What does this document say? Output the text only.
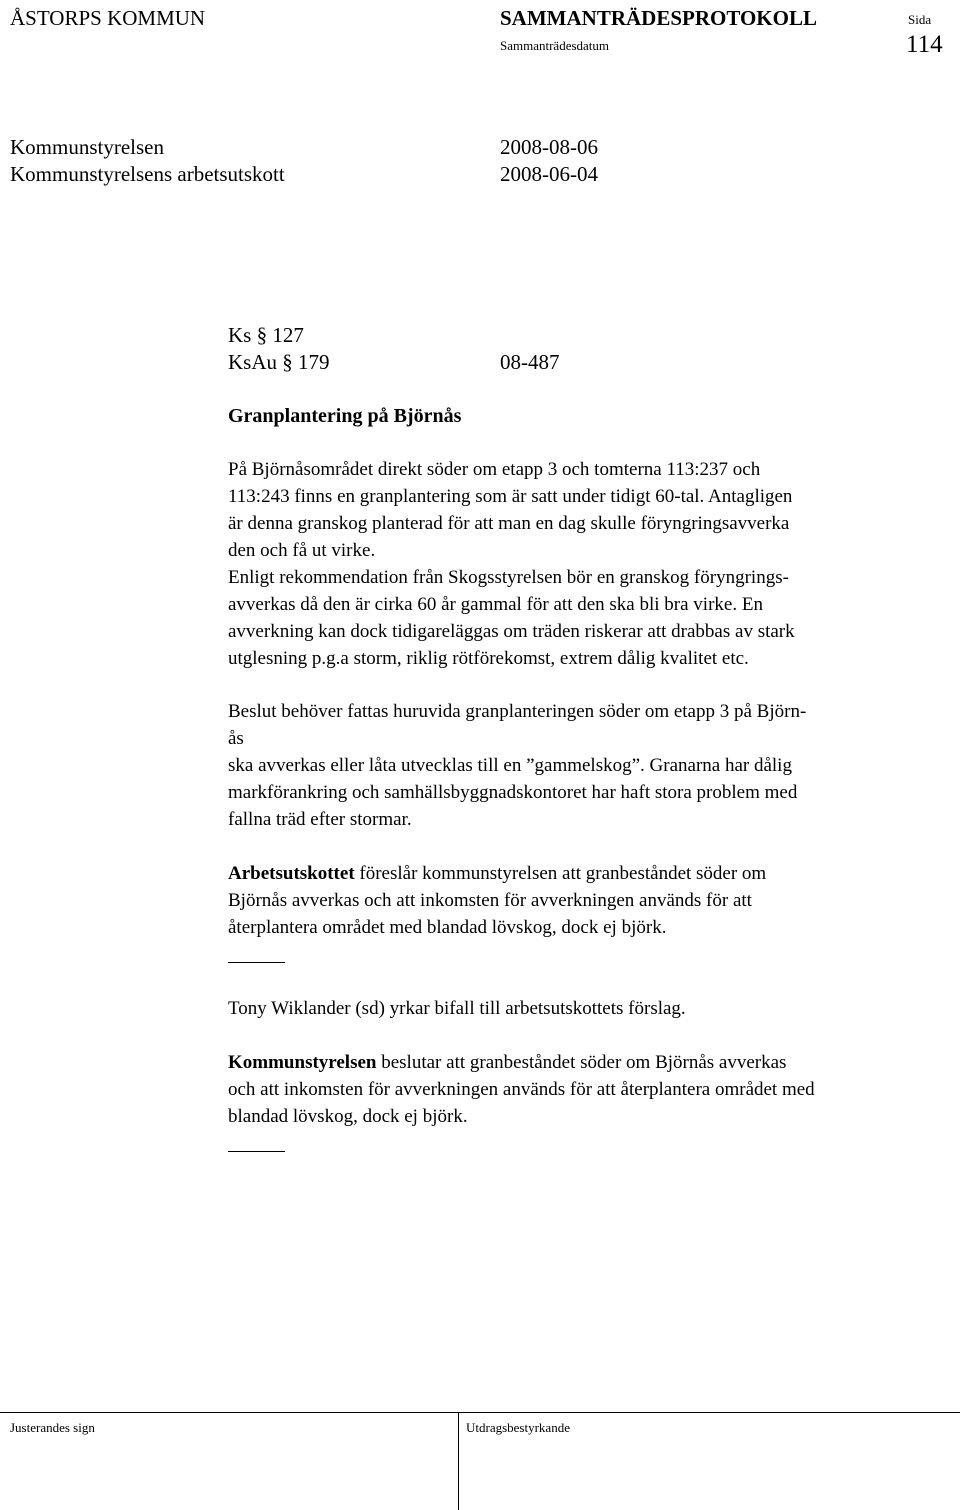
ÅSTORPS KOMMUN	SAMMANTRÄDESPROTOKOLL	Sida
Sammanträdesdatum	114
Kommunstyrelsen	2008-08-06
Kommunstyrelsens arbetsutskott	2008-06-04
Ks § 127
KsAu § 179	08-487
Granplantering på Björnås

På Björnåsområdet direkt söder om etapp 3 och tomterna 113:237 och

113:243 finns en granplantering som är satt under tidigt 60-tal. Antagligen

är denna granskog planterad för att man en dag skulle föryngringsavverka

den och få ut virke.

Enligt rekommendation från Skogsstyrelsen bör en granskog föryngrings-

avverkas då den är cirka 60 år gammal för att den ska bli bra virke. En

avverkning kan dock tidigareläggas om träden riskerar att drabbas av stark

utglesning p.g.a storm, riklig rötförekomst, extrem dålig kvalitet etc.

Beslut behöver fattas huruvida granplanteringen söder om etapp 3 på Björn-

ås

ska avverkas eller låta utvecklas till en ”gammelskog”. Granarna har dålig

markförankring och samhällsbyggnadskontoret har haft stora problem med

fallna träd efter stormar.

Arbetsutskottet föreslår kommunstyrelsen att granbeståndet söder om

Björnås avverkas och att inkomsten för avverkningen används för att

återplantera området med blandad lövskog, dock ej björk.

Tony Wiklander (sd) yrkar bifall till arbetsutskottets förslag.

Kommunstyrelsen beslutar att granbeståndet söder om Björnås avverkas

och att inkomsten för avverkningen används för att återplantera området med

blandad lövskog, dock ej björk.

Justerandes sign	Utdragsbestyrkande
